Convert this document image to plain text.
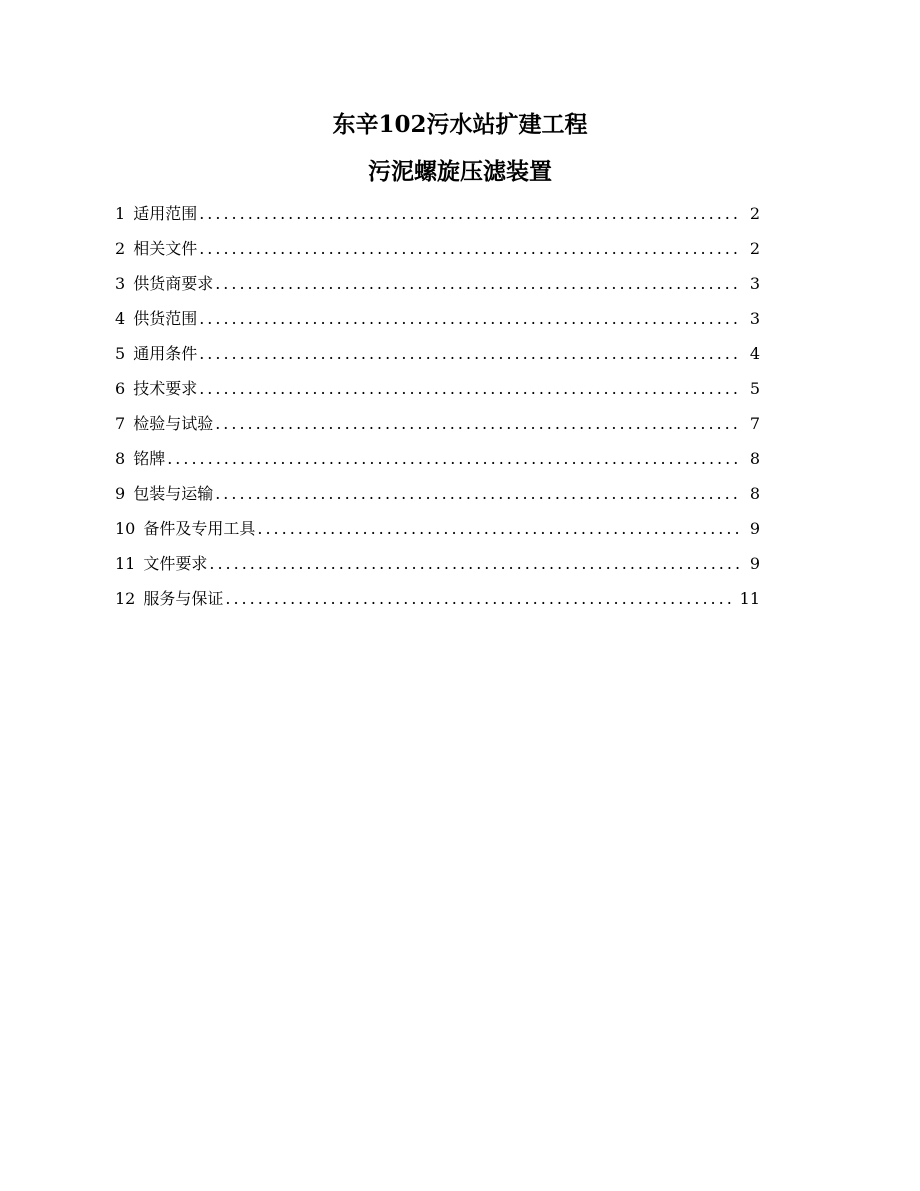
东辛102污水站扩建工程
污泥螺旋压滤装置
1 适用范围 .....	2
2 相关文件 .....	2
3 供货商要求 .....	3
4 供货范围 .....	3
5 通用条件 .....	4
6 技术要求 .....	5
7 检验与试验 .....	7
8 铭牌 .....	8
9 包装与运输 .....	8
10 备件及专用工具 .....	9
11 文件要求 .....	9
12 服务与保证 .....	11
